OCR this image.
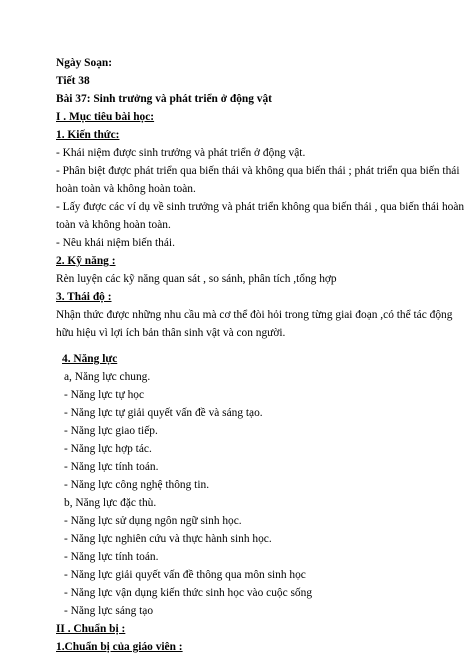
Ngày Soạn:
Tiết 38
Bài 37: Sinh trưởng và phát triển ở động vật
I . Mục tiêu bài học:
1. Kiến thức:
- Khái niệm được sinh trưởng và phát triển ở động vật.
- Phân biệt được phát triển qua biến thái và không qua biến thái ; phát triển qua biến thái
hoàn toàn và không hoàn toàn.
- Lấy được các ví dụ về sinh trưởng và phát triển không qua biến thái , qua biến thái hoàn
toàn và không hoàn toàn.
- Nêu khái niệm biến thái.
2. Kỹ năng :
Rèn luyện các kỹ năng quan sát , so sánh, phân tích ,tổng hợp
3. Thái độ :
Nhận thức được những nhu cầu mà cơ thể đòi hỏi trong từng giai đoạn ,có thể tác động
hữu hiệu vì lợi ích bản thân sinh vật và con người.
4. Năng lực
a, Năng lực chung.
- Năng lực tự học
- Năng lực tự giải quyết vấn đề và sáng tạo.
- Năng lực giao tiếp.
- Năng lực hợp tác.
- Năng lực tính toán.
- Năng lực công nghệ thông tin.
b, Năng lực đặc thù.
- Năng lực sử dụng ngôn ngữ sinh học.
- Năng lực nghiên cứu và thực hành sinh học.
- Năng lực tính toán.
- Năng lực giải quyết vấn đề thông qua môn sinh học
- Năng lực vận dụng kiến thức sinh học vào cuộc sống
- Năng lực sáng tạo
II . Chuẩn bị :
1.Chuẩn bị của giáo viên :
